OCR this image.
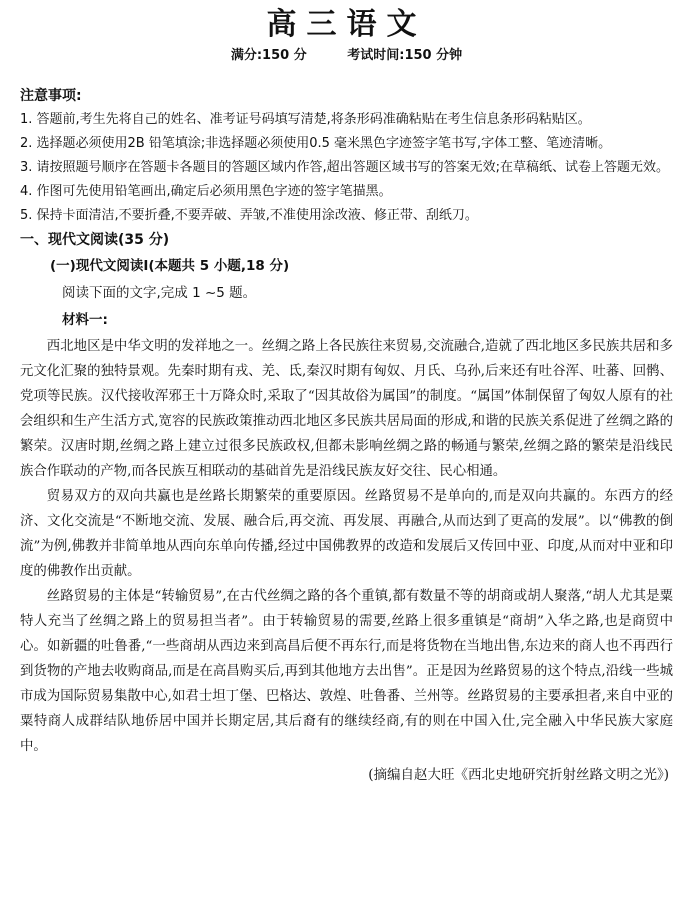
高三语文
满分:150 分	考试时间:150 分钟
注意事项:
1. 答题前,考生先将自己的姓名、准考证号码填写清楚,将条形码准确粘贴在考生信息条形码粘贴区。
2. 选择题必须使用2B 铅笔填涂;非选择题必须使用0.5 毫米黑色字迹签字笔书写,字体工整、笔迹清晰。
3. 请按照题号顺序在答题卡各题目的答题区域内作答,超出答题区域书写的答案无效;在草稿纸、试卷上答题无效。
4. 作图可先使用铅笔画出,确定后必须用黑色字迹的签字笔描黑。
5. 保持卡面清洁,不要折叠,不要弄破、弄皱,不准使用涂改液、修正带、刮纸刀。
一、现代文阅读(35 分)
(一)现代文阅读Ⅰ(本题共 5 小题,18 分)
阅读下面的文字,完成 1 ~5 题。
材料一:

西北地区是中华文明的发祥地之一。丝绸之路上各民族往来贸易,交流融合,造就了西北地区多民族共居和多元文化汇聚的独特景观。先秦时期有戎、羌、氐,秦汉时期有匈奴、月氏、乌孙,后来还有吐谷浑、吐蕃、回鹘、党项等民族。汉代接收浑邪王十万降众时,采取了“因其故俗为属国”的制度。“属国”体制保留了匈奴人原有的社会组织和生产生活方式,宽容的民族政策推动西北地区多民族共居局面的形成,和谐的民族关系促进了丝绸之路的繁荣。汉唐时期,丝绸之路上建立过很多民族政权,但都未影响丝绸之路的畅通与繁荣,丝绸之路的繁荣是沿线民族合作联动的产物,而各民族互相联动的基础首先是沿线民族友好交往、民心相通。

贸易双方的双向共赢也是丝路长期繁荣的重要原因。丝路贸易不是单向的,而是双向共赢的。东西方的经济、文化交流是“不断地交流、发展、融合后,再交流、再发展、再融合,从而达到了更高的发展”。以“佛教的倒流”为例,佛教并非简单地从西向东单向传播,经过中国佛教界的改造和发展后又传回中亚、印度,从而对中亚和印度的佛教作出贡献。

丝路贸易的主体是“转输贸易”,在古代丝绸之路的各个重镇,都有数量不等的胡商或胡人聚落,“胡人尤其是粟特人充当了丝绸之路上的贸易担当者”。由于转输贸易的需要,丝路上很多重镇是“商胡”入华之路,也是商贸中心。如新疆的吐鲁番,“一些商胡从西边来到高昌后便不再东行,而是将货物在当地出售,东边来的商人也不再西行到货物的产地去收购商品,而是在高昌购买后,再到其他地方去出售”。正是因为丝路贸易的这个特点,沿线一些城市成为国际贸易集散中心,如君士坦丁堡、巴格达、敦煌、吐鲁番、兰州等。丝路贸易的主要承担者,来自中亚的粟特商人成群结队地侨居中国并长期定居,其后裔有的继续经商,有的则在中国入仕,完全融入中华民族大家庭中。

(摘编自赵大旺《西北史地研究折射丝路文明之光》)
